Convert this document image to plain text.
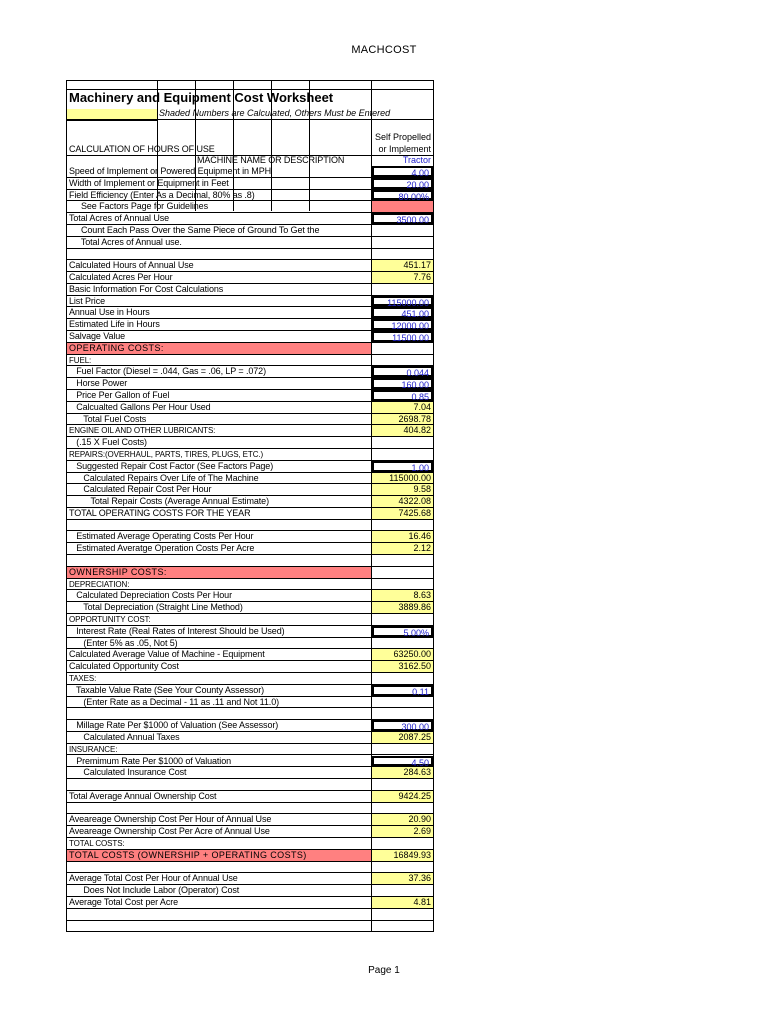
MACHCOST
Machinery and Equipment Cost Worksheet
Shaded Numbers are Calculated, Others Must be Entered
Self Propelled
or Implement
CALCULATION OF HOURS OF USE
MACHINE NAME OR DESCRIPTION	Tractor
Speed of Implement or Powered Equipment in MPH	4.00
Width of Implement or Equipment in Feet	20.00
Field Efficiency (Enter As a Decimal, 80% as .8)	80.00%
See Factors Page for Guidelines
Total Acres of Annual Use	3500.00
Count Each Pass Over the Same Piece of Ground To Get the
Total Acres of Annual use.
Calculated Hours of Annual Use	451.17
Calculated Acres Per Hour	7.76
Basic Information For Cost Calculations
List Price	115000.00
Annual Use in Hours	451.00
Estimated Life in Hours	12000.00
Salvage Value	11500.00
OPERATING COSTS:
FUEL:
Fuel Factor (Diesel = .044, Gas = .06, LP = .072)	0.044
Horse Power	160.00
Price Per Gallon of Fuel	0.85
Calcualted Gallons Per Hour Used	7.04
Total Fuel Costs	2698.78
ENGINE OIL AND OTHER LUBRICANTS:	404.82
(.15 X Fuel Costs)
REPAIRS:(OVERHAUL, PARTS, TIRES, PLUGS, ETC.)
Suggested Repair Cost Factor (See Factors Page)	1.00
Calculated Repairs Over Life of The Machine	115000.00
Calculated Repair Cost Per Hour	9.58
Total Repair Costs (Average Annual Estimate)	4322.08
TOTAL OPERATING COSTS FOR THE YEAR	7425.68
Estimated Average Operating Costs Per Hour	16.46
Estimated Averatge Operation Costs Per Acre	2.12
OWNERSHIP COSTS:
DEPRECIATION:
Calculated Depreciation Costs Per Hour	8.63
Total Depreciation (Straight Line Method)	3889.86
OPPORTUNITY COST:
Interest Rate (Real Rates of Interest Should be Used)	5.00%
(Enter 5% as .05, Not 5)
Calculated Average Value of Machine - Equipment	63250.00
Calculated Opportunity Cost	3162.50
TAXES:
Taxable Value Rate (See Your County Assessor)	0.11
(Enter Rate as a Decimal - 11 as .11 and Not 11.0)
Millage Rate Per $1000 of Valuation (See Assessor)	300.00
Calculated Annual Taxes	2087.25
INSURANCE:
Premimum Rate Per $1000 of Valuation	4.50
Calculated Insurance Cost	284.63
Total Average Annual Ownership Cost	9424.25
Aveareage Ownership Cost Per Hour of Annual Use	20.90
Aveareage Ownership Cost Per Acre of Annual Use	2.69
TOTAL COSTS:
TOTAL COSTS (OWNERSHIP + OPERATING COSTS)	16849.93
Average Total Cost Per Hour of Annual Use	37.36
Does Not Include Labor (Operator) Cost
Average Total Cost per Acre	4.81
Page 1
